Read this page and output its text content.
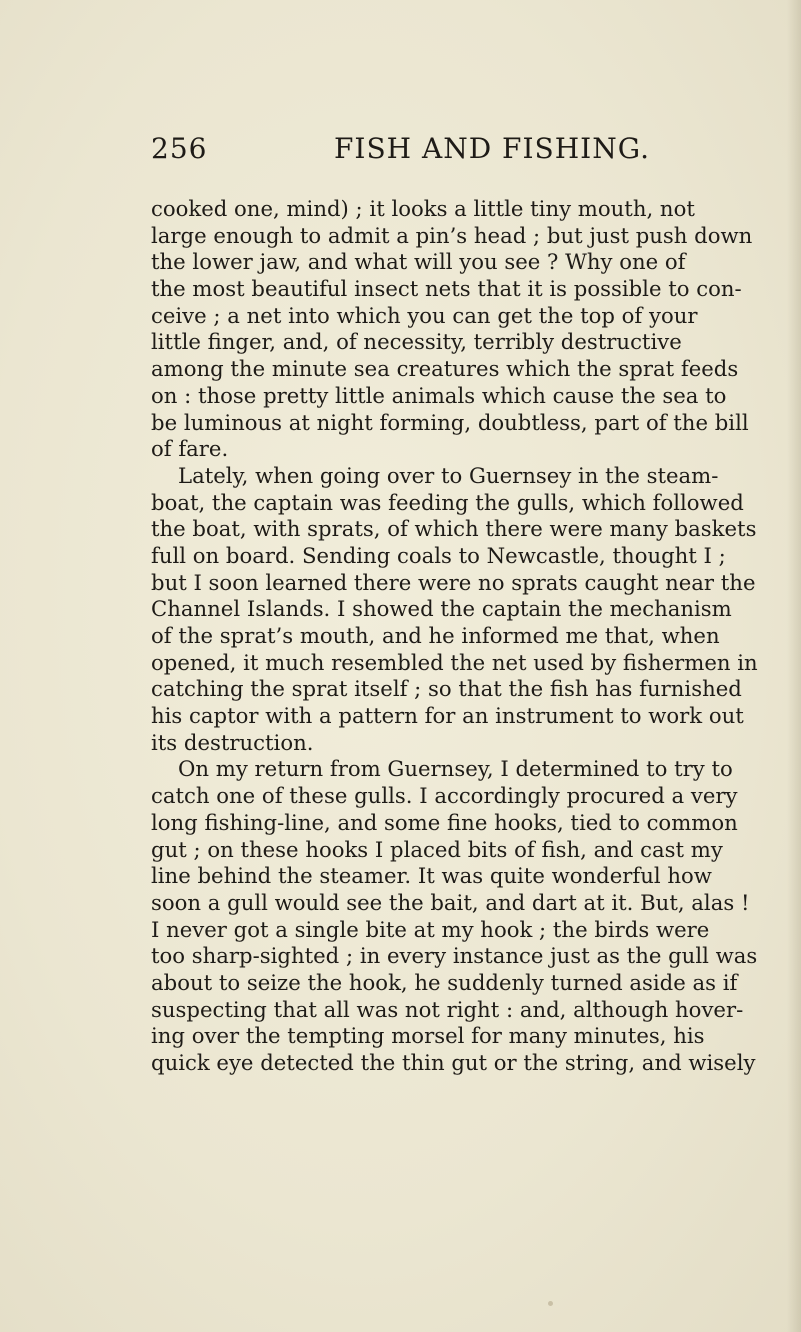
256	FISH AND FISHING.
cooked one, mind) ; it looks a little tiny mouth, not
large enough to admit a pin’s head ; but just push down
the lower jaw, and what will you see ? Why one of
the most beautiful insect nets that it is possible to con-
ceive ; a net into which you can get the top of your
little finger, and, of necessity, terribly destructive
among the minute sea creatures which the sprat feeds
on : those pretty little animals which cause the sea to
be luminous at night forming, doubtless, part of the bill
of fare.
Lately, when going over to Guernsey in the steam-
boat, the captain was feeding the gulls, which followed
the boat, with sprats, of which there were many baskets
full on board. Sending coals to Newcastle, thought I ;
but I soon learned there were no sprats caught near the
Channel Islands. I showed the captain the mechanism
of the sprat’s mouth, and he informed me that, when
opened, it much resembled the net used by fishermen in
catching the sprat itself ; so that the fish has furnished
his captor with a pattern for an instrument to work out
its destruction.
On my return from Guernsey, I determined to try to
catch one of these gulls. I accordingly procured a very
long fishing-line, and some fine hooks, tied to common
gut ; on these hooks I placed bits of fish, and cast my
line behind the steamer. It was quite wonderful how
soon a gull would see the bait, and dart at it. But, alas !
I never got a single bite at my hook ; the birds were
too sharp-sighted ; in every instance just as the gull was
about to seize the hook, he suddenly turned aside as if
suspecting that all was not right : and, although hover-
ing over the tempting morsel for many minutes, his
quick eye detected the thin gut or the string, and wisely
